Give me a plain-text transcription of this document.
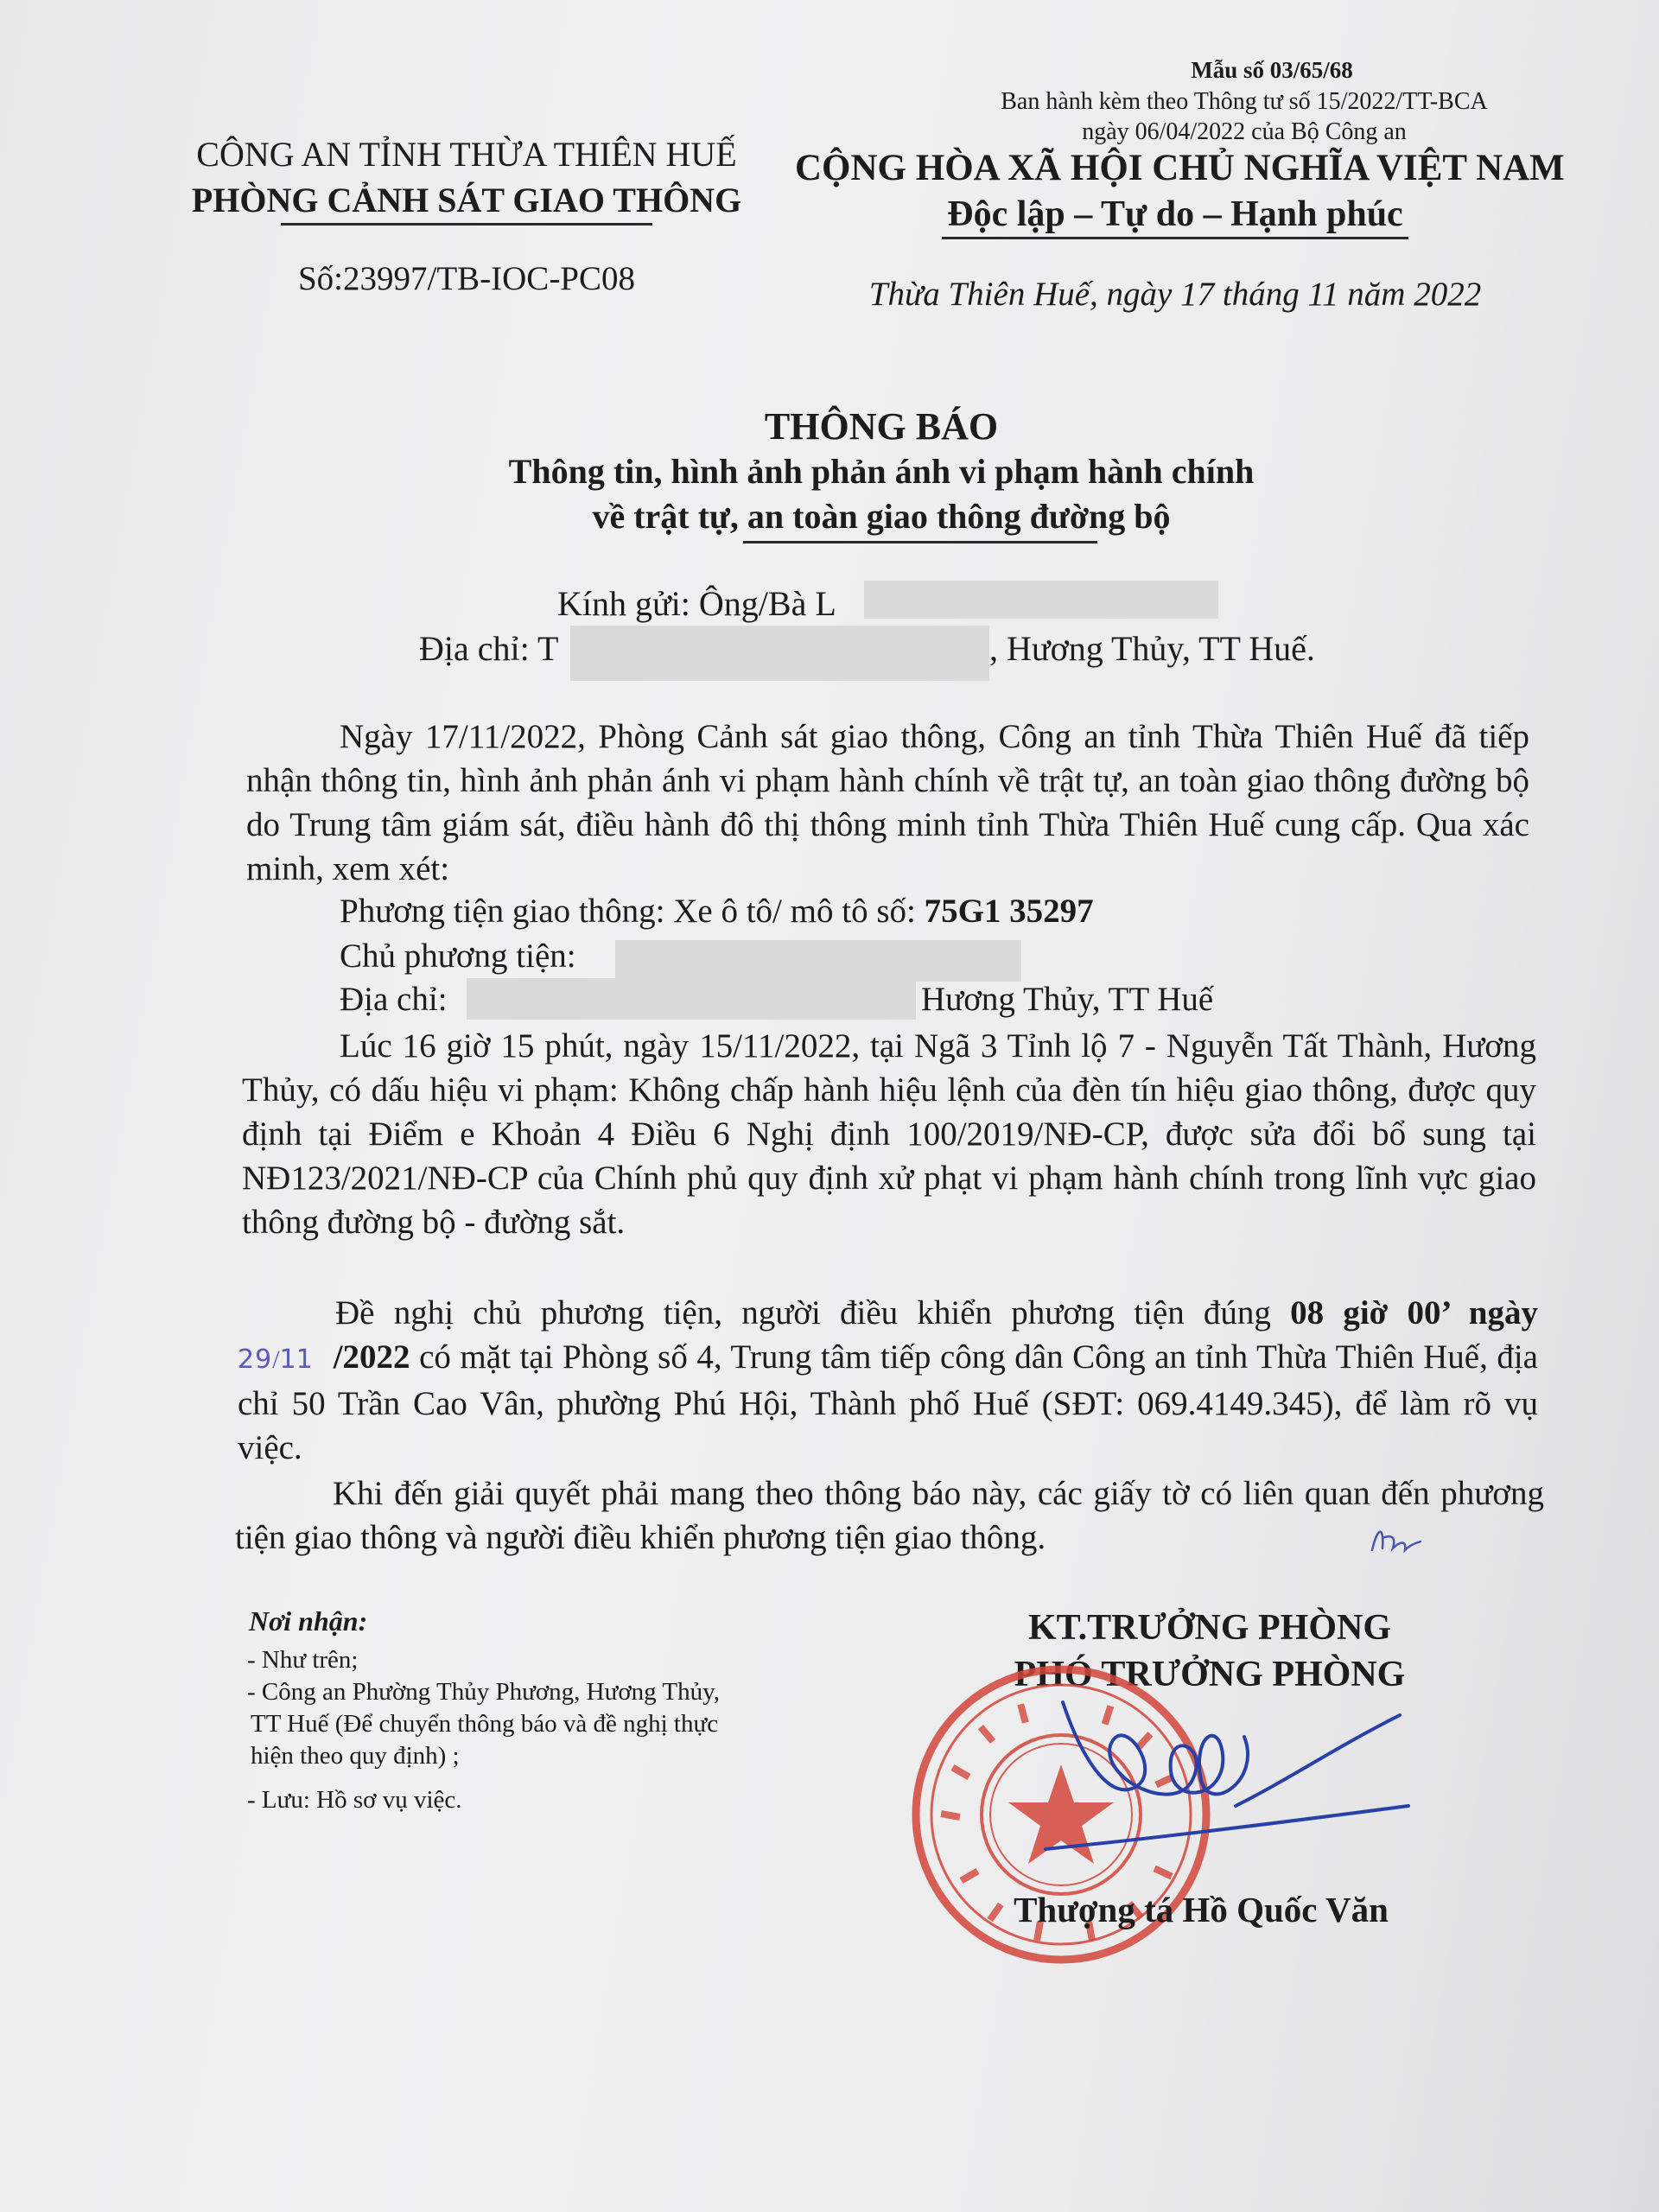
Mẫu số 03/65/68
Ban hành kèm theo Thông tư số 15/2022/TT-BCA
ngày 06/04/2022 của Bộ Công an
CÔNG AN TỈNH THỪA THIÊN HUẾ
PHÒNG CẢNH SÁT GIAO THÔNG
Số:23997/TB-IOC-PC08
CỘNG HÒA XÃ HỘI CHỦ NGHĨA VIỆT NAM
Độc lập – Tự do – Hạnh phúc
Thừa Thiên Huế, ngày 17 tháng 11 năm 2022
THÔNG BÁO
Thông tin, hình ảnh phản ánh vi phạm hành chính
về trật tự, an toàn giao thông đường bộ
Kính gửi: Ông/Bà L
Địa chỉ: T	, Hương Thủy, TT Huế.
Ngày 17/11/2022, Phòng Cảnh sát giao thông, Công an tỉnh Thừa Thiên Huế đã tiếp nhận thông tin, hình ảnh phản ánh vi phạm hành chính về trật tự, an toàn giao thông đường bộ do Trung tâm giám sát, điều hành đô thị thông minh tỉnh Thừa Thiên Huế cung cấp. Qua xác minh, xem xét:
Phương tiện giao thông: Xe ô tô/ mô tô số: 75G1 35297
Chủ phương tiện:
Địa chỉ:	Hương Thủy, TT Huế
Lúc 16 giờ 15 phút, ngày 15/11/2022, tại Ngã 3 Tỉnh lộ 7 - Nguyễn Tất Thành, Hương Thủy, có dấu hiệu vi phạm: Không chấp hành hiệu lệnh của đèn tín hiệu giao thông, được quy định tại Điểm e Khoản 4 Điều 6 Nghị định 100/2019/NĐ-CP, được sửa đổi bổ sung tại NĐ123/2021/NĐ-CP của Chính phủ quy định xử phạt vi phạm hành chính trong lĩnh vực giao thông đường bộ - đường sắt.
Đề nghị chủ phương tiện, người điều khiển phương tiện đúng 08 giờ 00’ ngày 29/11 /2022 có mặt tại Phòng số 4, Trung tâm tiếp công dân Công an tỉnh Thừa Thiên Huế, địa chỉ 50 Trần Cao Vân, phường Phú Hội, Thành phố Huế (SĐT: 069.4149.345), để làm rõ vụ việc.
Khi đến giải quyết phải mang theo thông báo này, các giấy tờ có liên quan đến phương tiện giao thông và người điều khiển phương tiện giao thông.
Nơi nhận:
- Như trên;
- Công an Phường Thủy Phương, Hương Thủy,
TT Huế (Để chuyển thông báo và đề nghị thực
hiện theo quy định) ;
- Lưu: Hồ sơ vụ việc.
KT.TRƯỞNG PHÒNG
PHÓ TRƯỞNG PHÒNG
Thượng tá Hồ Quốc Văn
